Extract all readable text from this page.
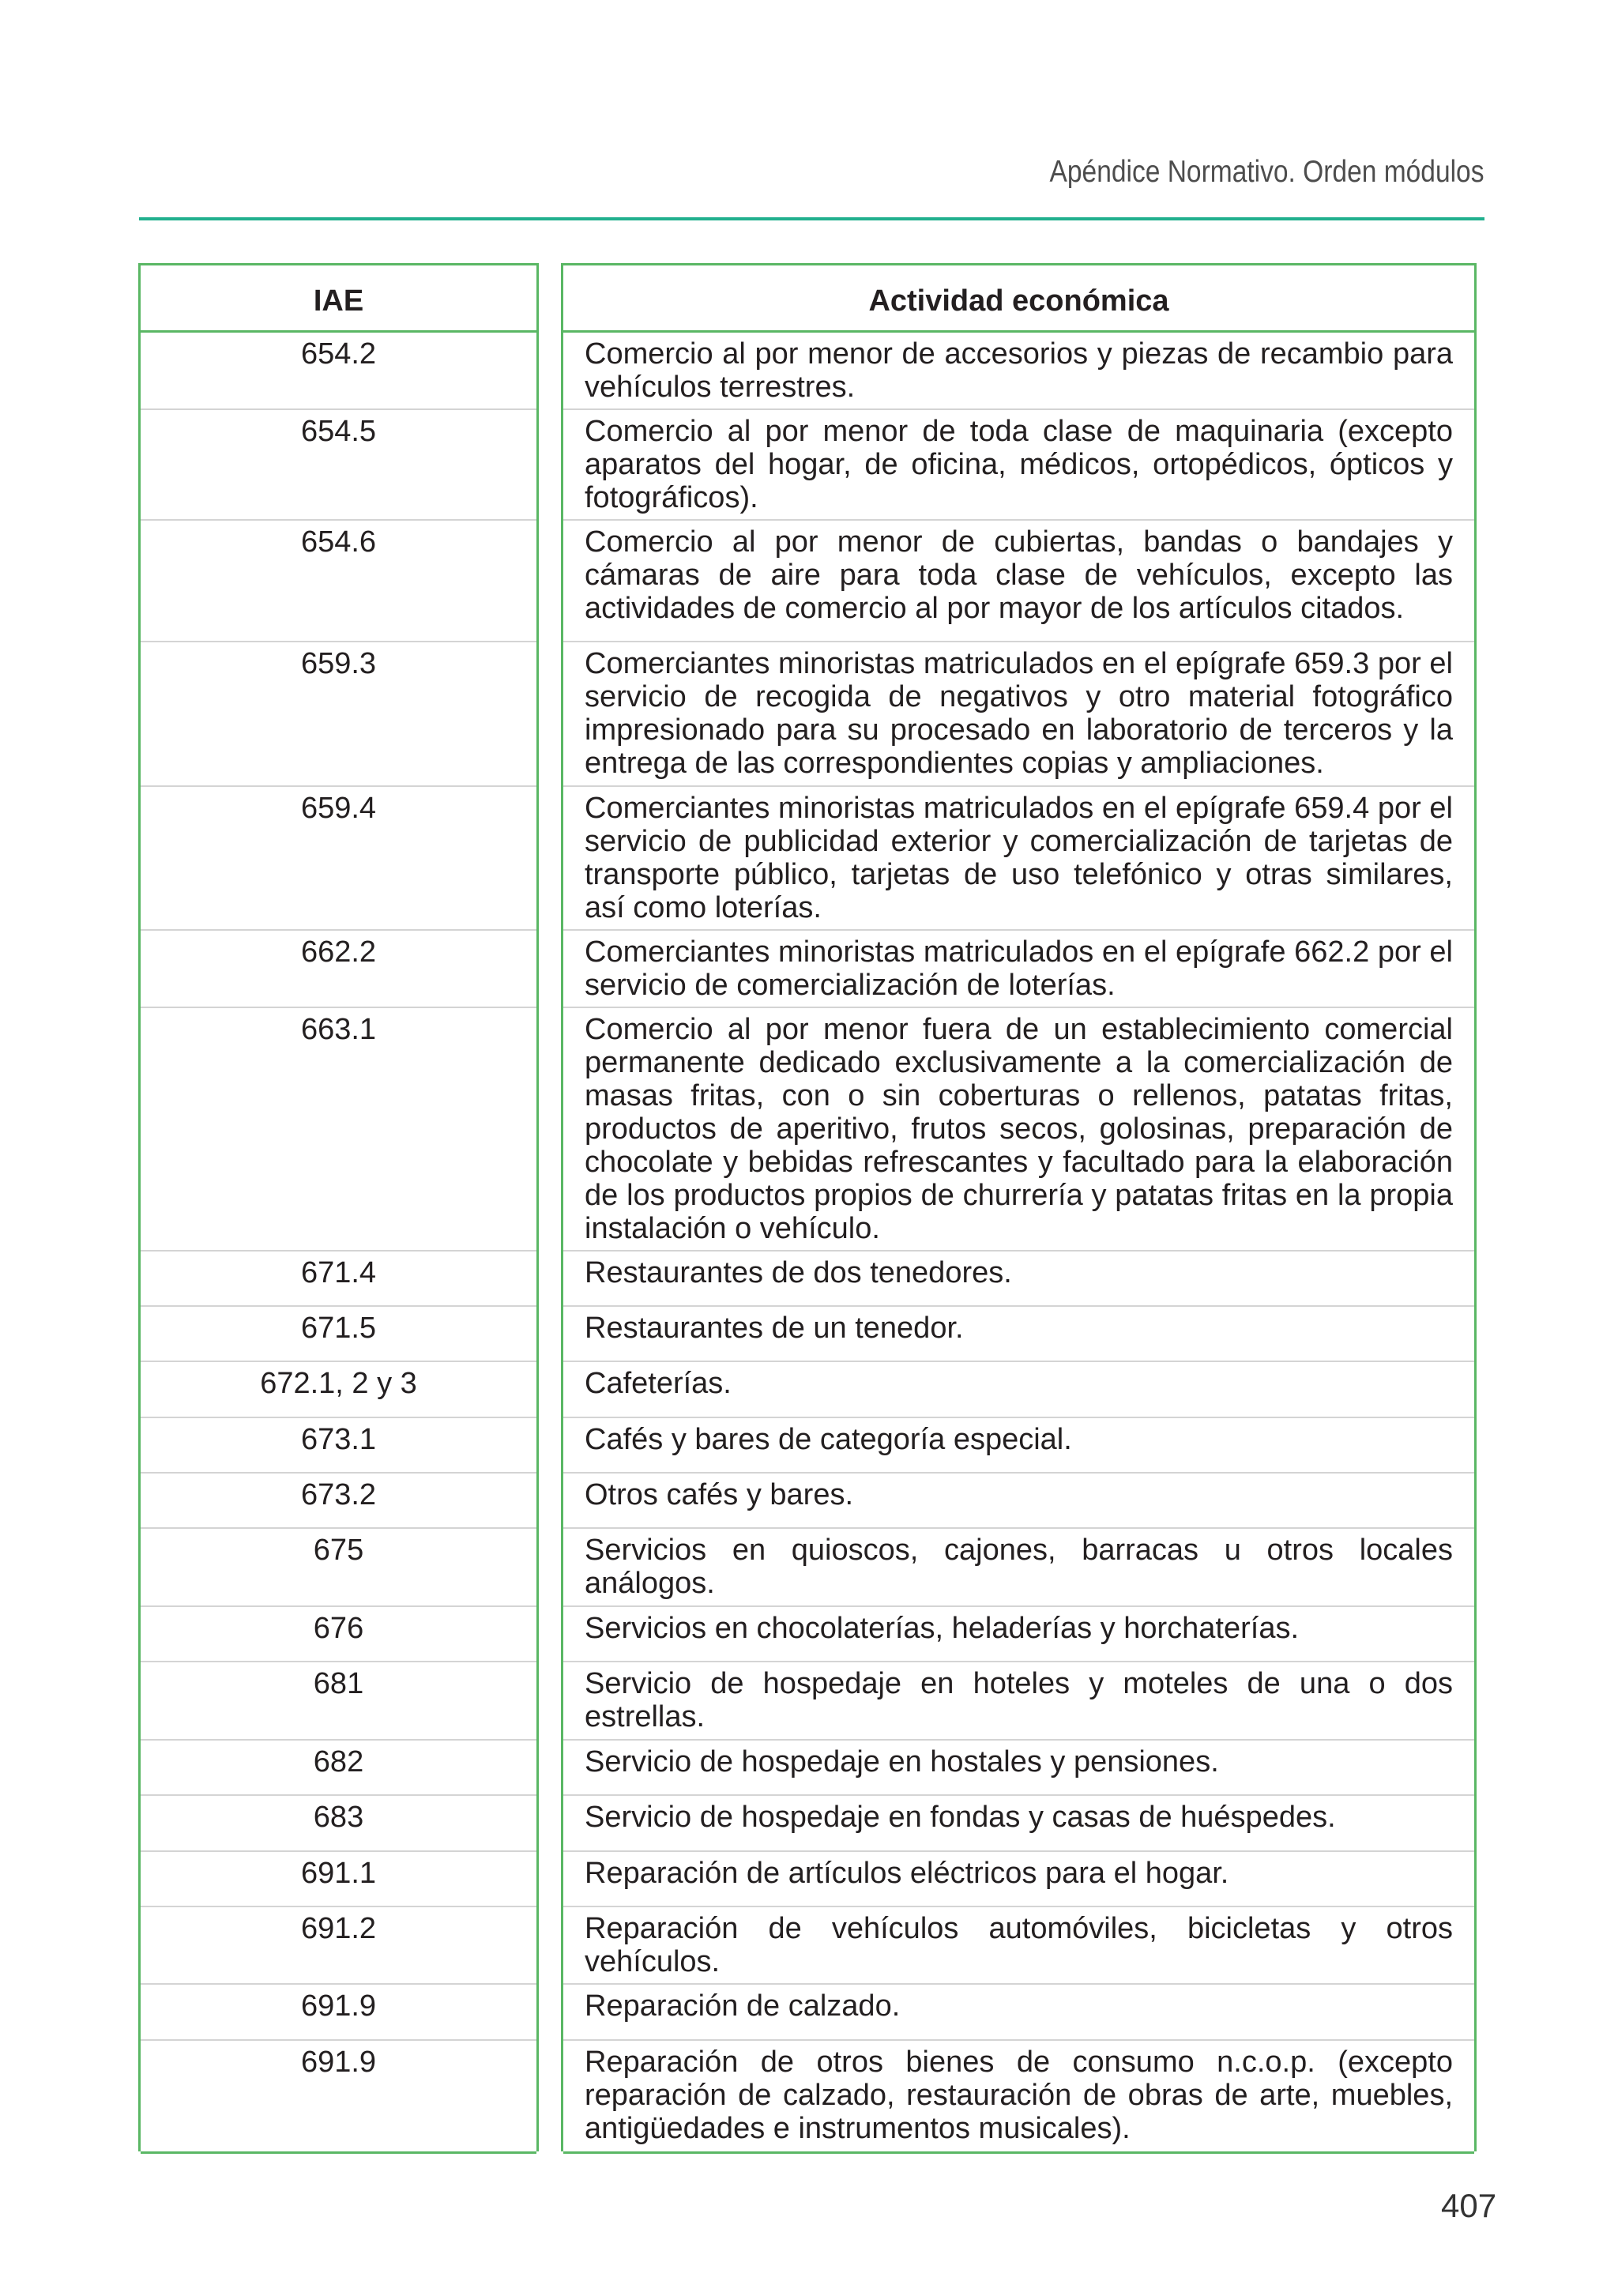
Apéndice Normativo. Orden módulos
IAE
654.2
654.5
654.6
659.3
659.4
662.2
663.1
671.4
671.5
672.1, 2 y 3
673.1
673.2
675
676
681
682
683
691.1
691.2
691.9
691.9
Actividad económica
Comercio al por menor de accesorios y piezas de recambio para vehículos terrestres.
Comercio al por menor de toda clase de maquinaria (excepto aparatos del hogar, de oficina, médicos, ortopédicos, ópticos y fotográficos).
Comercio al por menor de cubiertas, bandas o bandajes y cámaras de aire para toda clase de vehículos, excepto las actividades de comercio al por mayor de los artículos citados.
Comerciantes minoristas matriculados en el epígrafe 659.3 por el servicio de recogida de negativos y otro material fotográfico impresionado para su procesado en laboratorio de terceros y la entrega de las correspondientes copias y ampliaciones.
Comerciantes minoristas matriculados en el epígrafe 659.4 por el servicio de publicidad exterior y comercialización de tarjetas de transporte público, tarjetas de uso telefónico y otras similares, así como loterías.
Comerciantes minoristas matriculados en el epígrafe 662.2 por el servicio de comercialización de loterías.
Comercio al por menor fuera de un establecimiento comercial permanente dedicado exclusivamente a la comercialización de masas fritas, con o sin coberturas o rellenos, patatas fritas, productos de aperitivo, frutos secos, golosinas, preparación de chocolate y bebidas refrescantes y facultado para la elaboración de los productos propios de churrería y patatas fritas en la propia instalación o vehículo.
Restaurantes de dos tenedores.
Restaurantes de un tenedor.
Cafeterías.
Cafés y bares de categoría especial.
Otros cafés y bares.
Servicios en quioscos, cajones, barracas u otros locales análogos.
Servicios en chocolaterías, heladerías y horchaterías.
Servicio de hospedaje en hoteles y moteles de una o dos estrellas.
Servicio de hospedaje en hostales y pensiones.
Servicio de hospedaje en fondas y casas de huéspedes.
Reparación de artículos eléctricos para el hogar.
Reparación de vehículos automóviles, bicicletas y otros vehículos.
Reparación de calzado.
Reparación de otros bienes de consumo n.c.o.p. (excepto reparación de calzado, restauración de obras de arte, muebles, antigüedades e instrumentos musicales).
407
